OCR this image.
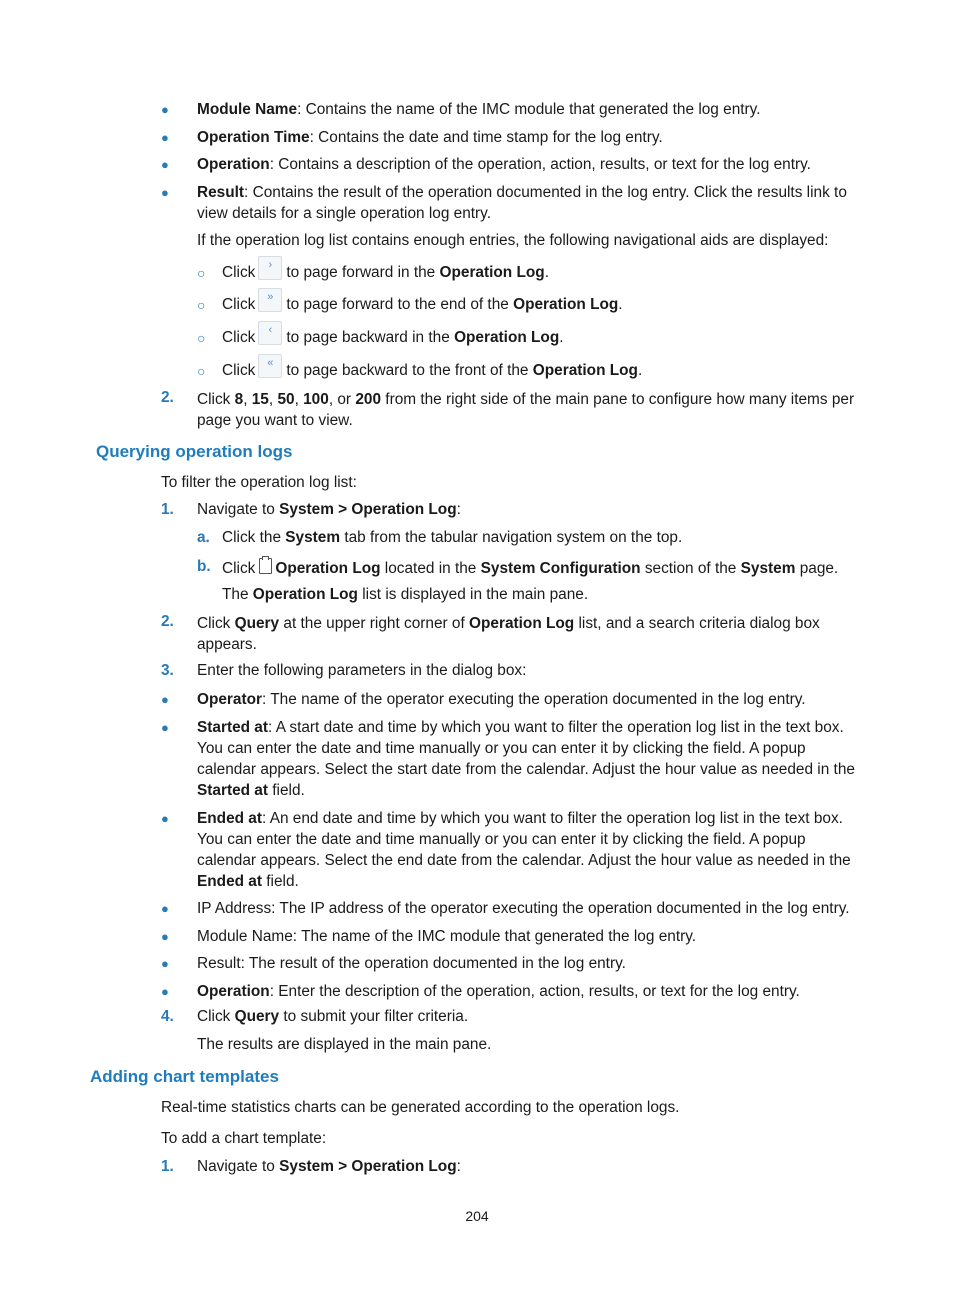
● Module Name: Contains the name of the IMC module that generated the log entry.
● Operation Time: Contains the date and time stamp for the log entry.
● Operation: Contains a description of the operation, action, results, or text for the log entry.
● Result: Contains the result of the operation documented in the log entry. Click the results link to view details for a single operation log entry.
If the operation log list contains enough entries, the following navigational aids are displayed:
○ Click › to page forward in the Operation Log.
○ Click » to page forward to the end of the Operation Log.
○ Click ‹ to page backward in the Operation Log.
○ Click « to page backward to the front of the Operation Log.
2. Click 8, 15, 50, 100, or 200 from the right side of the main pane to configure how many items per page you want to view.
Querying operation logs
To filter the operation log list:
1. Navigate to System > Operation Log:
a. Click the System tab from the tabular navigation system on the top.
b. Click Operation Log located in the System Configuration section of the System page.
The Operation Log list is displayed in the main pane.
2. Click Query at the upper right corner of Operation Log list, and a search criteria dialog box appears.
3. Enter the following parameters in the dialog box:
● Operator: The name of the operator executing the operation documented in the log entry.
● Started at: A start date and time by which you want to filter the operation log list in the text box. You can enter the date and time manually or you can enter it by clicking the field. A popup calendar appears. Select the start date from the calendar. Adjust the hour value as needed in the Started at field.
● Ended at: An end date and time by which you want to filter the operation log list in the text box. You can enter the date and time manually or you can enter it by clicking the field. A popup calendar appears. Select the end date from the calendar. Adjust the hour value as needed in the Ended at field.
● IP Address: The IP address of the operator executing the operation documented in the log entry.
● Module Name: The name of the IMC module that generated the log entry.
● Result: The result of the operation documented in the log entry.
● Operation: Enter the description of the operation, action, results, or text for the log entry.
4. Click Query to submit your filter criteria.
The results are displayed in the main pane.
Adding chart templates
Real-time statistics charts can be generated according to the operation logs.
To add a chart template:
1. Navigate to System > Operation Log:
204
